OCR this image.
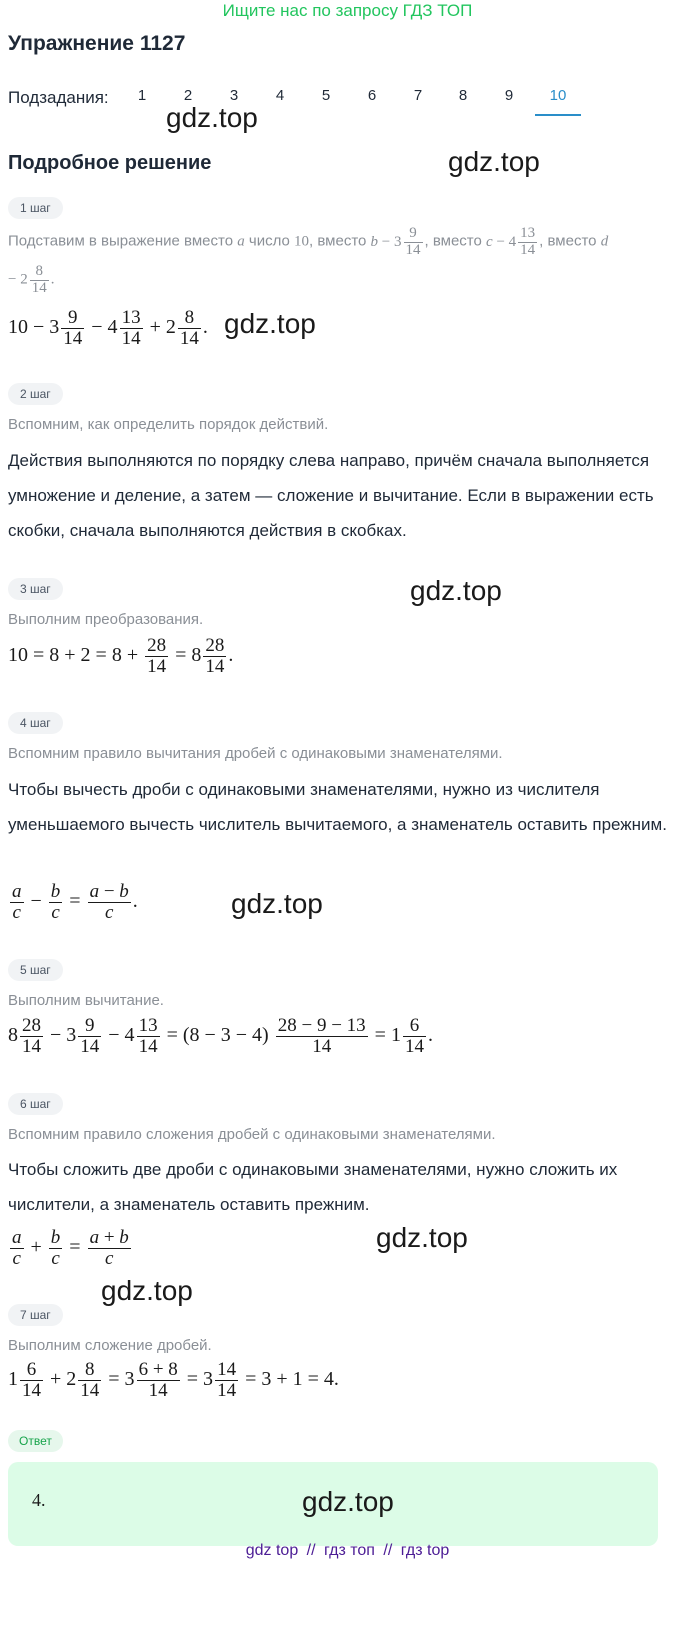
Ищите нас по запросу ГДЗ ТОП
Упражнение 1127
Подзадания:	1	2	3	4	5	6	7	8	9	10
gdz.top
gdz.top
gdz.top
gdz.top
gdz.top
gdz.top
gdz.top
Подробное решение
1 шаг
Подставим в выражение вместо a число 10, вместо $b - 3 \frac{9}{14}$ , вместо $c - 4 \frac{13}{14}$ , вместо d
− $2 \frac{8}{14}$ .
$10 - 3 \frac{9}{14} - 4 \frac{13}{14} + 2 \frac{8}{14}$ .
2 шаг
Вспомним, как определить порядок действий.
Действия выполняются по порядку слева направо, причём сначала выполняется умножение и деление, а затем — сложение и вычитание. Если в выражении есть скобки, сначала выполняются действия в скобках.
3 шаг
Выполним преобразования.
$10 = 8 + 2 = 8 + \frac{28}{14} = 8 \frac{28}{14}$ .
4 шаг
Вспомним правило вычитания дробей с одинаковыми знаменателями.
Чтобы вычесть дроби с одинаковыми знаменателями, нужно из числителя уменьшаемого вычесть числитель вычитаемого, а знаменатель оставить прежним.
$\frac{a}{c} - \frac{b}{c} = \frac{a - b}{c}$ .
5 шаг
Выполним вычитание.
$8 \frac{28}{14} - 3 \frac{9}{14} - 4 \frac{13}{14} = (8 - 3 - 4) \frac{28 - 9 - 13}{14} = 1 \frac{6}{14}$ .
6 шаг
Вспомним правило сложения дробей с одинаковыми знаменателями.
Чтобы сложить две дроби с одинаковыми знаменателями, нужно сложить их числители, а знаменатель оставить прежним.
$\frac{a}{c} + \frac{b}{c} = \frac{a + b}{c}$
7 шаг
Выполним сложение дробей.
$1 \frac{6}{14} + 2 \frac{8}{14} = 3 \frac{6 + 8}{14} = 3 \frac{14}{14} = 3 + 1 = 4$.
Ответ
4.	gdz.top
gdz top // гдз топ // гдз top
